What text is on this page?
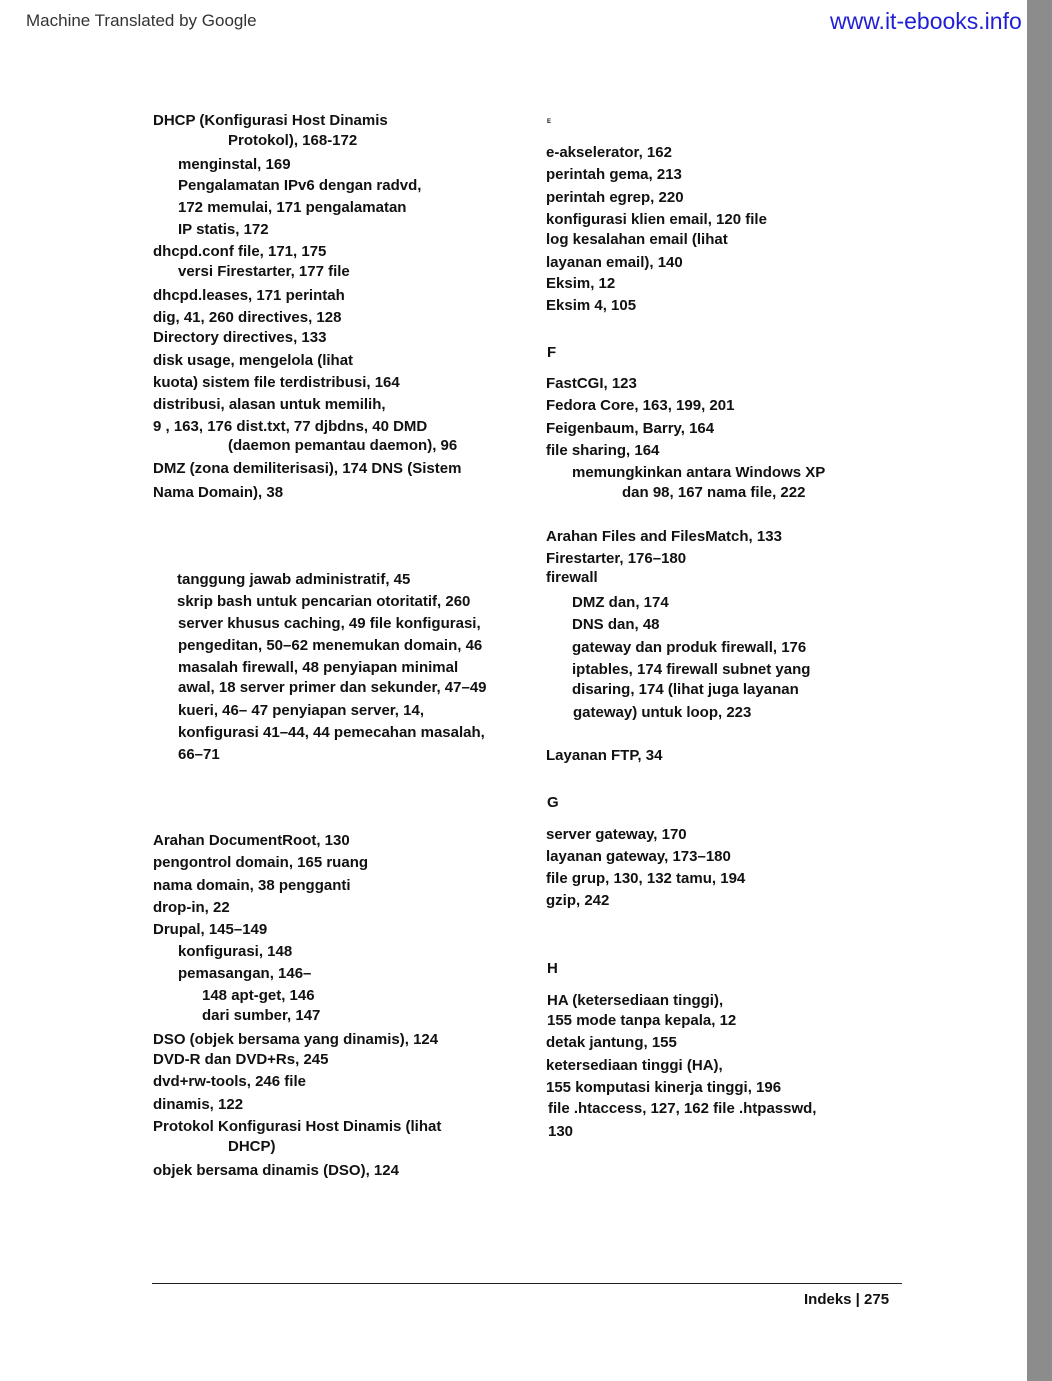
Machine Translated by Google	www.it-ebooks.info
DHCP (Konfigurasi Host Dinamis
Protokol), 168-172
menginstal, 169
Pengalamatan IPv6 dengan radvd,
172 memulai, 171 pengalamatan
IP statis, 172
dhcpd.conf file, 171, 175
versi Firestarter, 177 file
dhcpd.leases, 171 perintah
dig, 41, 260 directives, 128
Directory directives, 133
disk usage, mengelola (lihat
kuota) sistem file terdistribusi, 164
distribusi, alasan untuk memilih,
9 , 163, 176 dist.txt, 77 djbdns, 40 DMD
(daemon pemantau daemon), 96
DMZ (zona demiliterisasi), 174 DNS (Sistem
Nama Domain), 38
tanggung jawab administratif, 45
skrip bash untuk pencarian otoritatif, 260
server khusus caching, 49 file konfigurasi,
pengeditan, 50–62 menemukan domain, 46
masalah firewall, 48 penyiapan minimal
awal, 18 server primer dan sekunder, 47–49
kueri, 46– 47 penyiapan server, 14,
konfigurasi 41–44, 44 pemecahan masalah,
66–71
Arahan DocumentRoot, 130
pengontrol domain, 165 ruang
nama domain, 38 pengganti
drop-in, 22
Drupal, 145–149
konfigurasi, 148
pemasangan, 146–
148 apt-get, 146
dari sumber, 147
DSO (objek bersama yang dinamis), 124
DVD-R dan DVD+Rs, 245
dvd+rw-tools, 246 file
dinamis, 122
Protokol Konfigurasi Host Dinamis (lihat
DHCP)
objek bersama dinamis (DSO), 124
E
e-akselerator, 162
perintah gema, 213
perintah egrep, 220
konfigurasi klien email, 120 file
log kesalahan email (lihat
layanan email), 140
Eksim, 12
Eksim 4, 105
F
FastCGI, 123
Fedora Core, 163, 199, 201
Feigenbaum, Barry, 164
file sharing, 164
memungkinkan antara Windows XP
dan 98, 167 nama file, 222
Arahan Files and FilesMatch, 133
Firestarter, 176–180
firewall
DMZ dan, 174
DNS dan, 48
gateway dan produk firewall, 176
iptables, 174 firewall subnet yang
disaring, 174 (lihat juga layanan
gateway) untuk loop, 223
Layanan FTP, 34
G
server gateway, 170
layanan gateway, 173–180
file grup, 130, 132 tamu, 194
gzip, 242
H
HA (ketersediaan tinggi),
155 mode tanpa kepala, 12
detak jantung, 155
ketersediaan tinggi (HA),
155 komputasi kinerja tinggi, 196
file .htaccess, 127, 162 file .htpasswd,
130
Indeks | 275
